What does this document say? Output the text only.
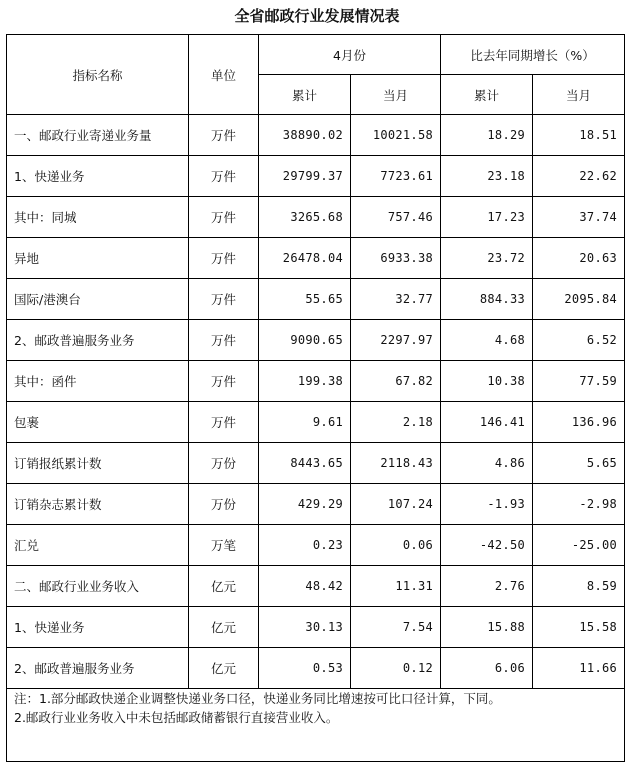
全省邮政行业发展情况表
指标名称	单位	4月份		比去年同期增长（%）	
		累计	当月	累计	当月
一、邮政行业寄递业务量	万件	38890.02	10021.58	18.29	18.51
1、快递业务	万件	29799.37	7723.61	23.18	22.62
其中：同城	万件	3265.68	757.46	17.23	37.74
异地	万件	26478.04	6933.38	23.72	20.63
国际/港澳台	万件	55.65	32.77	884.33	2095.84
2、邮政普遍服务业务	万件	9090.65	2297.97	4.68	6.52
其中：函件	万件	199.38	67.82	10.38	77.59
包裹	万件	9.61	2.18	146.41	136.96
订销报纸累计数	万份	8443.65	2118.43	4.86	5.65
订销杂志累计数	万份	429.29	107.24	-1.93	-2.98
汇兑	万笔	0.23	0.06	-42.50	-25.00
二、邮政行业业务收入	亿元	48.42	11.31	2.76	8.59
1、快递业务	亿元	30.13	7.54	15.88	15.58
2、邮政普遍服务业务	亿元	0.53	0.12	6.06	11.66

注：1.部分邮政快递企业调整快递业务口径，快递业务同比增速按可比口径计算，下同。
2.邮政行业业务收入中未包括邮政储蓄银行直接营业收入。					
